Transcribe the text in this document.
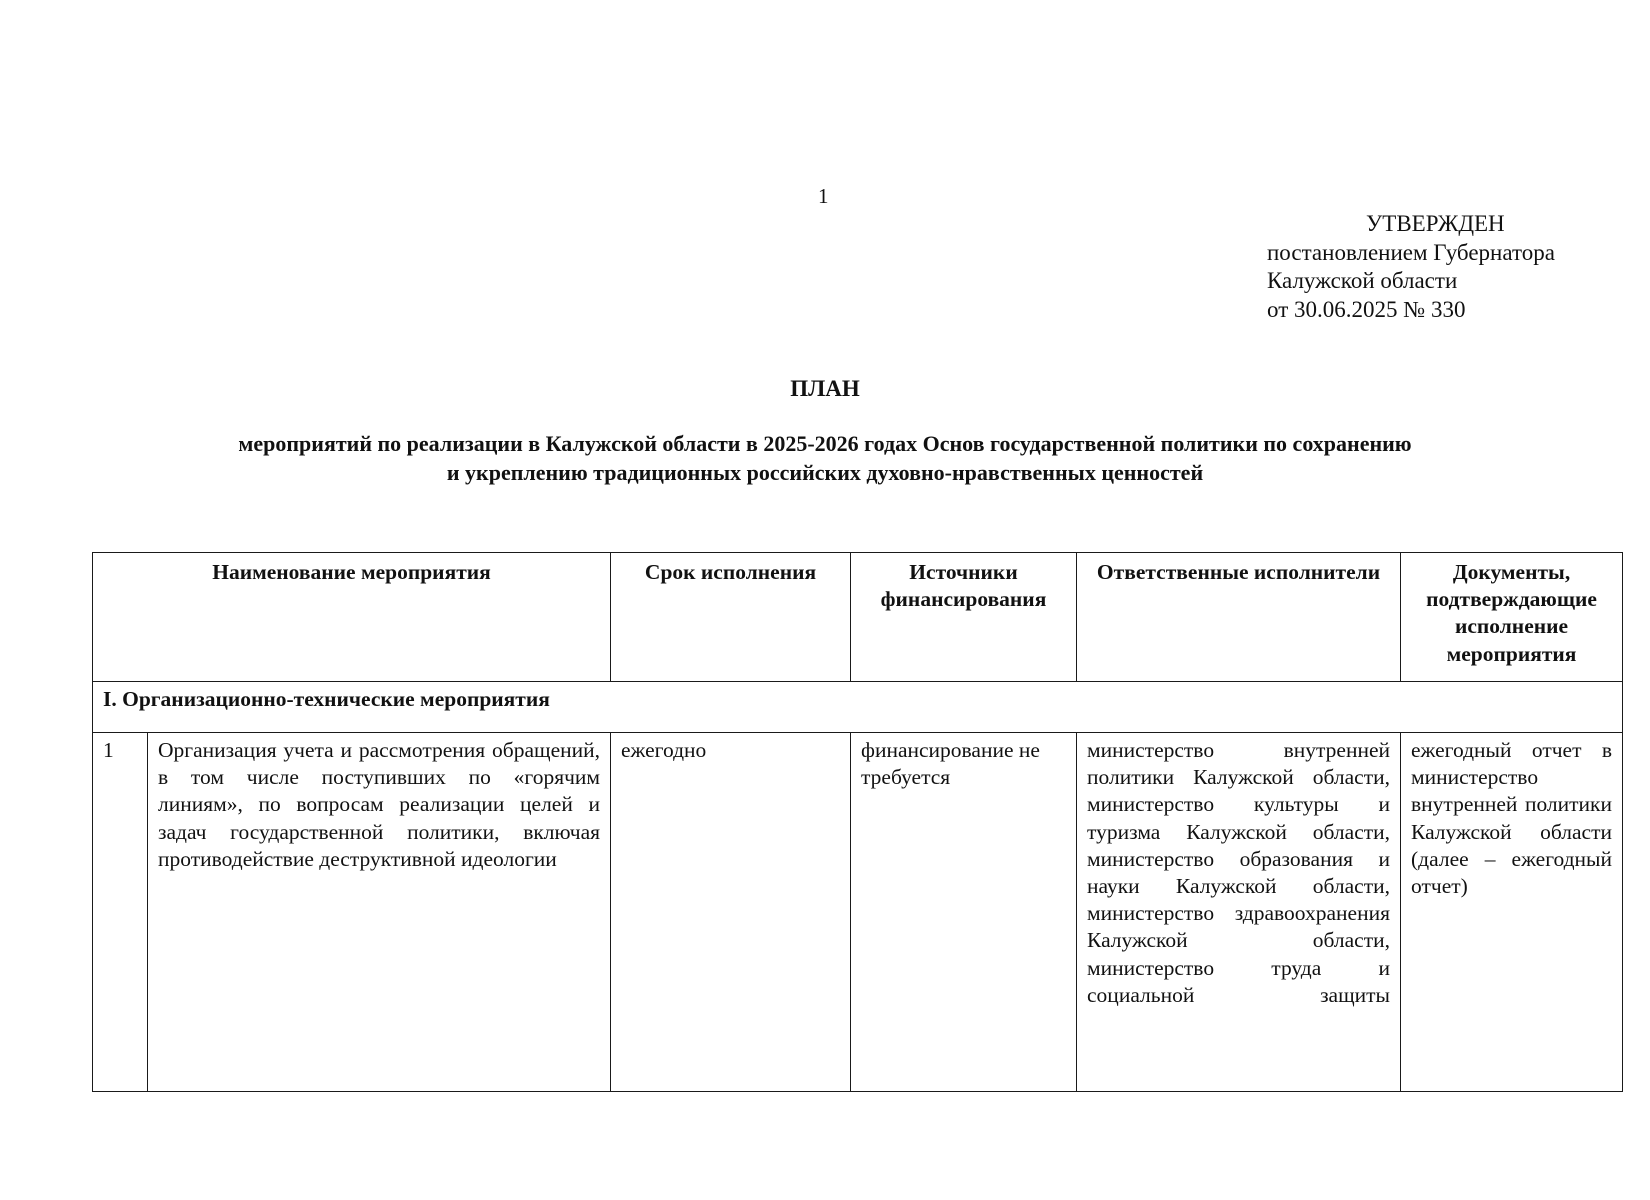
1
УТВЕРЖДЕН
постановлением Губернатора
Калужской области
от 30.06.2025 № 330
ПЛАН
мероприятий по реализации в Калужской области в 2025-2026 годах Основ государственной политики по сохранению
и укреплению традиционных российских духовно-нравственных ценностей
Наименование мероприятия		Срок исполнения	Источники финансирования	Ответственные исполнители	Документы, подтверждающие исполнение мероприятия
I. Организационно-технические мероприятия					
1	Организация учета и рассмотрения обращений, в том числе поступивших по «горячим линиям», по вопросам реализации целей и задач государственной политики, включая противодействие деструктивной идеологии	ежегодно	финансирование не требуется	министерство внутренней политики Калужской области, министерство культуры и туризма Калужской области, министерство образования и науки Калужской области, министерство здравоохранения Калужской области, министерство труда и социальной защиты	ежегодный отчет в министерство внутренней политики Калужской области (далее – ежегодный отчет)
